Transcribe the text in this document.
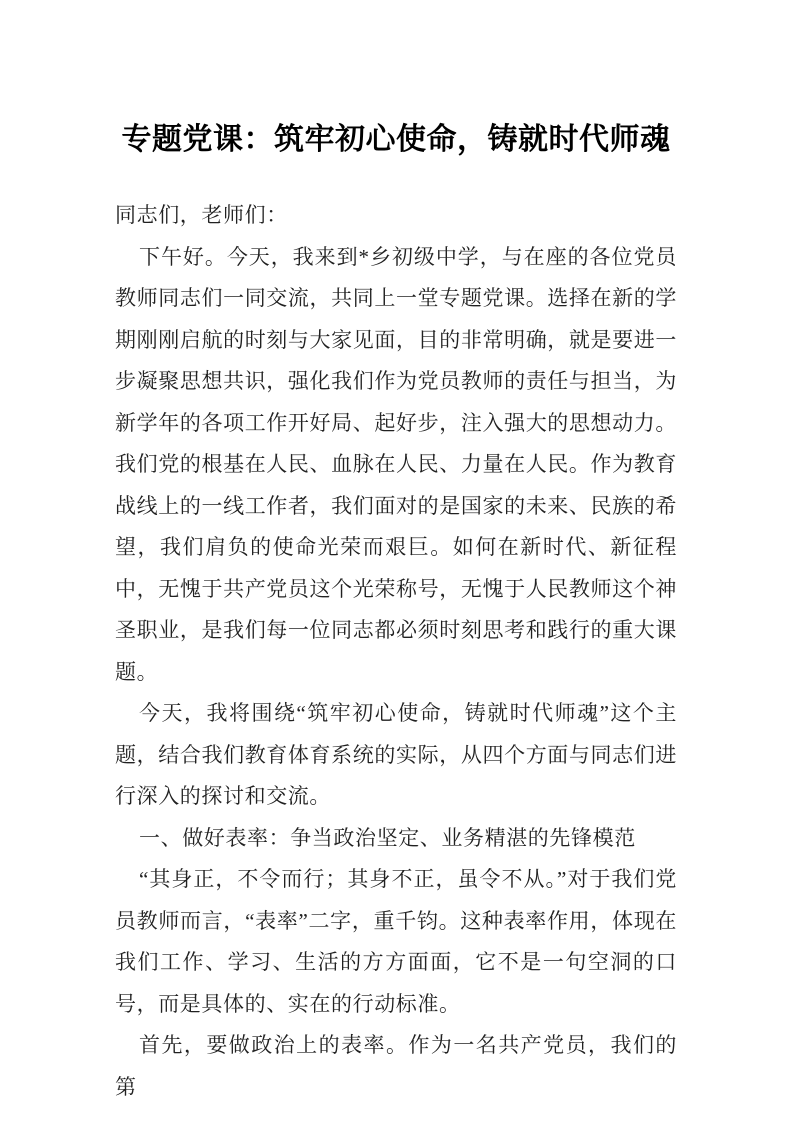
专题党课：筑牢初心使命，铸就时代师魂

同志们，老师们：

下午好。今天，我来到*乡初级中学，与在座的各位党员教师同志们一同交流，共同上一堂专题党课。选择在新的学期刚刚启航的时刻与大家见面，目的非常明确，就是要进一步凝聚思想共识，强化我们作为党员教师的责任与担当，为新学年的各项工作开好局、起好步，注入强大的思想动力。我们党的根基在人民、血脉在人民、力量在人民。作为教育战线上的一线工作者，我们面对的是国家的未来、民族的希望，我们肩负的使命光荣而艰巨。如何在新时代、新征程中，无愧于共产党员这个光荣称号，无愧于人民教师这个神圣职业，是我们每一位同志都必须时刻思考和践行的重大课题。

今天，我将围绕“筑牢初心使命，铸就时代师魂”这个主题，结合我们教育体育系统的实际，从四个方面与同志们进行深入的探讨和交流。

一、做好表率：争当政治坚定、业务精湛的先锋模范

“其身正，不令而行；其身不正，虽令不从。”对于我们党员教师而言，“表率”二字，重千钧。这种表率作用，体现在我们工作、学习、生活的方方面面，它不是一句空洞的口号，而是具体的、实在的行动标准。

首先，要做政治上的表率。作为一名共产党员，我们的第
